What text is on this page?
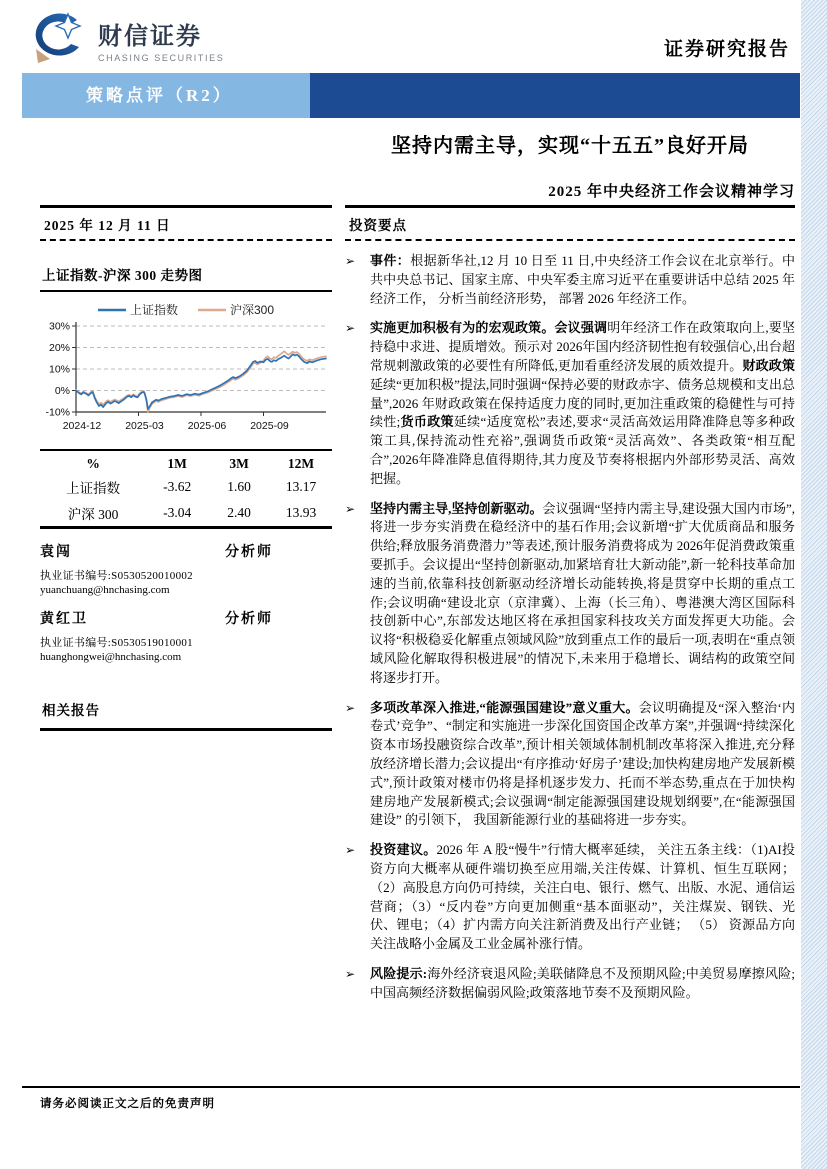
财信证券
CHASING SECURITIES	证券研究报告
策略点评（R2）
坚持内需主导，实现“十五五”良好开局
2025 年中央经济工作会议精神学习
2025 年 12 月 11 日
上证指数-沪深 300 走势图
30%
20%
10%
0%
-10%
2024-12 2025-03 2025-06 2025-09
上证指数	沪深300
%	1M	3M	12M
上证指数	-3.62	1.60	13.17
沪深 300	-3.04	2.40	13.93
袁闯	分析师
执业证书编号:S0530520010002
yuanchuang@hnchasing.com
黄红卫	分析师
执业证书编号:S0530519010001
huanghongwei@hnchasing.com
相关报告
投资要点
➢	事件：根据新华社,12 月 10 日至 11 日,中央经济工作会议在北京举行。中共中央总书记、国家主席、中央军委主席习近平在重要讲话中总结 2025 年经济工作， 分析当前经济形势， 部署 2026 年经济工作。

➢	实施更加积极有为的宏观政策。会议强调明年经济工作在政策取向上,要坚持稳中求进、提质增效。预示对 2026年国内经济韧性抱有较强信心,出台超常规刺激政策的必要性有所降低,更加看重经济发展的质效提升。财政政策延续“更加积极”提法,同时强调“保持必要的财政赤字、债务总规模和支出总量”,2026 年财政政策在保持适度力度的同时,更加注重政策的稳健性与可持续性;货币政策延续“适度宽松”表述,要求“灵活高效运用降准降息等多种政策工具,保持流动性充裕”,强调货币政策“灵活高效”、各类政策“相互配合”,2026年降准降息值得期待,其力度及节奏将根据内外部形势灵活、高效把握。

➢	坚持内需主导,坚持创新驱动。会议强调“坚持内需主导,建设强大国内市场”,将进一步夯实消费在稳经济中的基石作用;会议新增“扩大优质商品和服务供给;释放服务消费潜力”等表述,预计服务消费将成为 2026年促消费政策重要抓手。会议提出“坚持创新驱动,加紧培育壮大新动能”,新一轮科技革命加速的当前,依靠科技创新驱动经济增长动能转换,将是贯穿中长期的重点工作;会议明确“建设北京（京津冀）、上海（长三角）、粤港澳大湾区国际科技创新中心”,东部发达地区将在承担国家科技攻关方面发挥更大功能。会议将“积极稳妥化解重点领域风险”放到重点工作的最后一项,表明在“重点领域风险化解取得积极进展”的情况下,未来用于稳增长、调结构的政策空间将逐步打开。

➢	多项改革深入推进,“能源强国建设”意义重大。会议明确提及“深入整治‘内卷式’竞争”、“制定和实施进一步深化国资国企改革方案”,并强调“持续深化资本市场投融资综合改革”,预计相关领域体制机制改革将深入推进,充分释放经济增长潜力;会议提出“有序推动‘好房子’建设;加快构建房地产发展新模式”,预计政策对楼市仍将是择机逐步发力、托而不举态势,重点在于加快构建房地产发展新模式;会议强调“制定能源强国建设规划纲要”,在“能源强国建设” 的引领下， 我国新能源行业的基础将进一步夯实。

➢	投资建议。2026 年 A 股“慢牛”行情大概率延续， 关注五条主线：（1)AI投资方向大概率从硬件端切换至应用端,关注传媒、计算机、恒生互联网；（2）高股息方向仍可持续，关注白电、银行、燃气、出版、水泥、通信运营商；（3）“反内卷”方向更加侧重“基本面驱动”，关注煤炭、钢铁、光伏、锂电；（4）扩内需方向关注新消费及出行产业链； （5） 资源品方向关注战略小金属及工业金属补涨行情。

➢	风险提示:海外经济衰退风险;美联储降息不及预期风险;中美贸易摩擦风险;中国高频经济数据偏弱风险;政策落地节奏不及预期风险。

请务必阅读正文之后的免责声明
